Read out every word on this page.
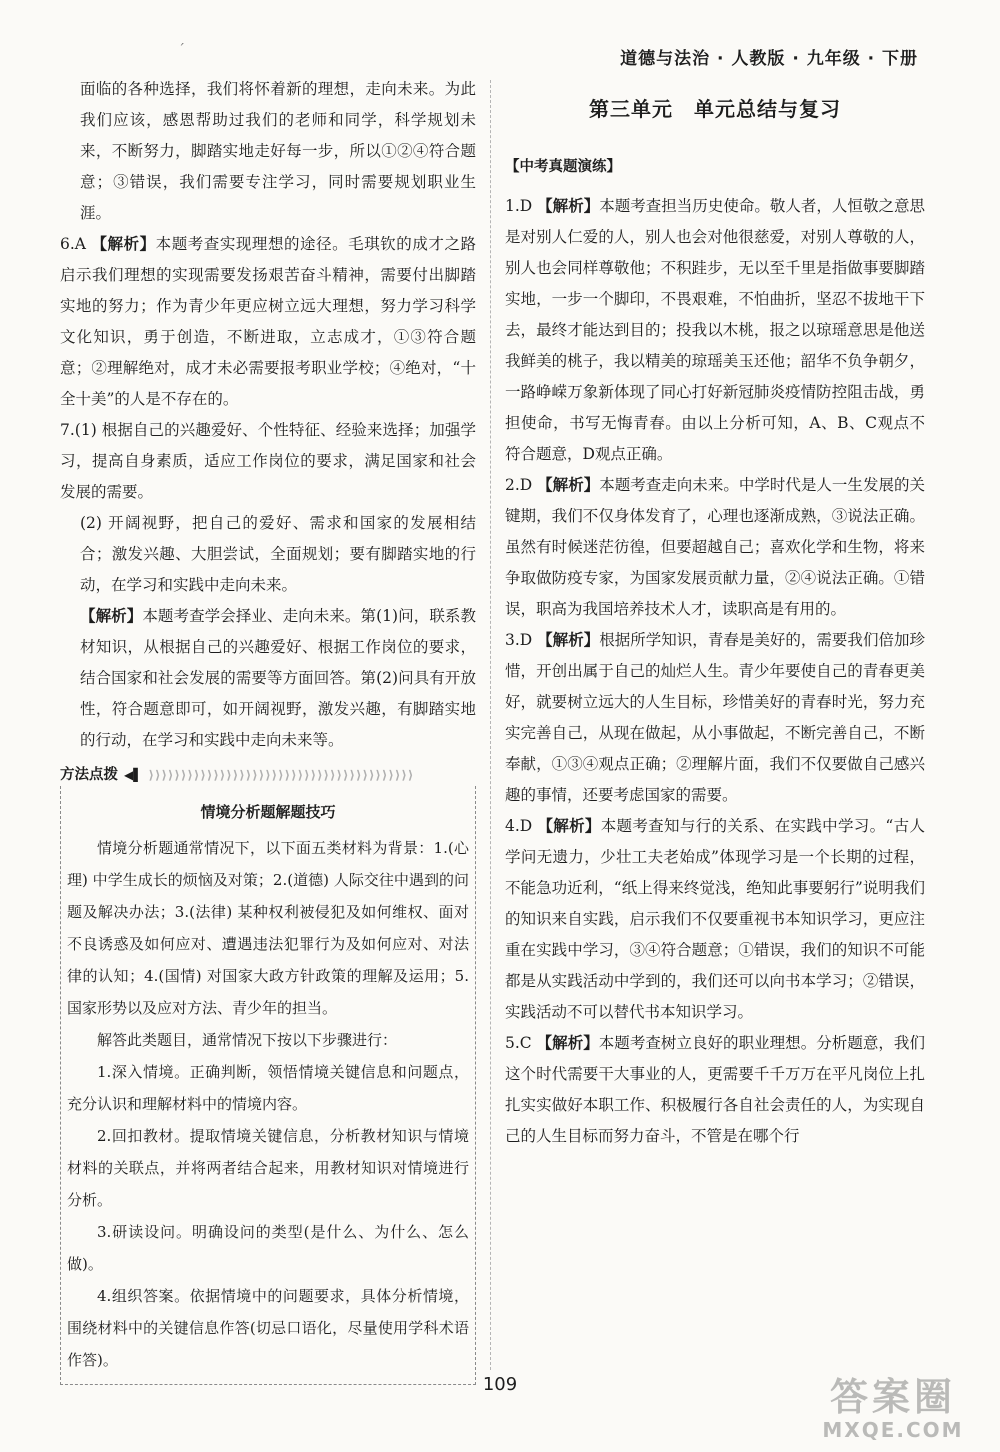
道德与法治 · 人教版 · 九年级 · 下册
ˊ

面临的各种选择，我们将怀着新的理想，走向未来。为此我们应该，感恩帮助过我们的老师和同学，科学规划未来，不断努力，脚踏实地走好每一步，所以①②④符合题意；③错误，我们需要专注学习，同时需要规划职业生涯。

6.A 【解析】本题考查实现理想的途径。毛琪钦的成才之路启示我们理想的实现需要发扬艰苦奋斗精神，需要付出脚踏实地的努力；作为青少年更应树立远大理想，努力学习科学文化知识，勇于创造，不断进取，立志成才，①③符合题意；②理解绝对，成才未必需要报考职业学校；④绝对，“十全十美”的人是不存在的。

7.(1) 根据自己的兴趣爱好、个性特征、经验来选择；加强学习，提高自身素质，适应工作岗位的要求，满足国家和社会发展的需要。

(2) 开阔视野，把自己的爱好、需求和国家的发展相结合；激发兴趣、大胆尝试，全面规划；要有脚踏实地的行动，在学习和实践中走向未来。

【解析】本题考查学会择业、走向未来。第(1)问，联系教材知识，从根据自己的兴趣爱好、根据工作岗位的要求，结合国家和社会发展的需要等方面回答。第(2)问具有开放性，符合题意即可，如开阔视野，激发兴趣，有脚踏实地的行动，在学习和实践中走向未来等。

方法点拨 ◀▌ ⟩⟩⟩⟩⟩⟩⟩⟩⟩⟩⟩⟩⟩⟩⟩⟩⟩⟩⟩⟩⟩⟩⟩⟩⟩⟩⟩⟩⟩⟩⟩⟩⟩⟩⟩⟩⟩⟩⟩⟩⟩
情境分析题解题技巧

情境分析题通常情况下，以下面五类材料为背景：1.(心理) 中学生成长的烦恼及对策；2.(道德) 人际交往中遇到的问题及解决办法；3.(法律) 某种权利被侵犯及如何维权、面对不良诱惑及如何应对、遭遇违法犯罪行为及如何应对、对法律的认知；4.(国情) 对国家大政方针政策的理解及运用；5.国家形势以及应对方法、青少年的担当。

解答此类题目，通常情况下按以下步骤进行：

1.深入情境。正确判断，领悟情境关键信息和问题点，充分认识和理解材料中的情境内容。

2.回扣教材。提取情境关键信息，分析教材知识与情境材料的关联点，并将两者结合起来，用教材知识对情境进行分析。

3.研读设问。明确设问的类型(是什么、为什么、怎么做)。

4.组织答案。依据情境中的问题要求，具体分析情境，围绕材料中的关键信息作答(切忌口语化，尽量使用学科术语作答)。

第三单元　单元总结与复习
【中考真题演练】

1.D 【解析】本题考查担当历史使命。敬人者，人恒敬之意思是对别人仁爱的人，别人也会对他很慈爱，对别人尊敬的人，别人也会同样尊敬他；不积跬步，无以至千里是指做事要脚踏实地，一步一个脚印，不畏艰难，不怕曲折，坚忍不拔地干下去，最终才能达到目的；投我以木桃，报之以琼瑶意思是他送我鲜美的桃子，我以精美的琼瑶美玉还他；韶华不负争朝夕，一路峥嵘万象新体现了同心打好新冠肺炎疫情防控阻击战，勇担使命，书写无悔青春。由以上分析可知，A、B、C观点不符合题意，D观点正确。

2.D 【解析】本题考查走向未来。中学时代是人一生发展的关键期，我们不仅身体发育了，心理也逐渐成熟，③说法正确。虽然有时候迷茫彷徨，但要超越自己；喜欢化学和生物，将来争取做防疫专家，为国家发展贡献力量，②④说法正确。①错误，职高为我国培养技术人才，读职高是有用的。

3.D 【解析】根据所学知识，青春是美好的，需要我们倍加珍惜，开创出属于自己的灿烂人生。青少年要使自己的青春更美好，就要树立远大的人生目标，珍惜美好的青春时光，努力充实完善自己，从现在做起，从小事做起，不断完善自己，不断奉献，①③④观点正确；②理解片面，我们不仅要做自己感兴趣的事情，还要考虑国家的需要。

4.D 【解析】本题考查知与行的关系、在实践中学习。“古人学问无遗力，少壮工夫老始成”体现学习是一个长期的过程，不能急功近利，“纸上得来终觉浅，绝知此事要躬行”说明我们的知识来自实践，启示我们不仅要重视书本知识学习，更应注重在实践中学习，③④符合题意；①错误，我们的知识不可能都是从实践活动中学到的，我们还可以向书本学习；②错误，实践活动不可以替代书本知识学习。

5.C 【解析】本题考查树立良好的职业理想。分析题意，我们这个时代需要干大事业的人，更需要千千万万在平凡岗位上扎扎实实做好本职工作、积极履行各自社会责任的人，为实现自己的人生目标而努力奋斗，不管是在哪个行

109	答案圈
MXQE.COM
